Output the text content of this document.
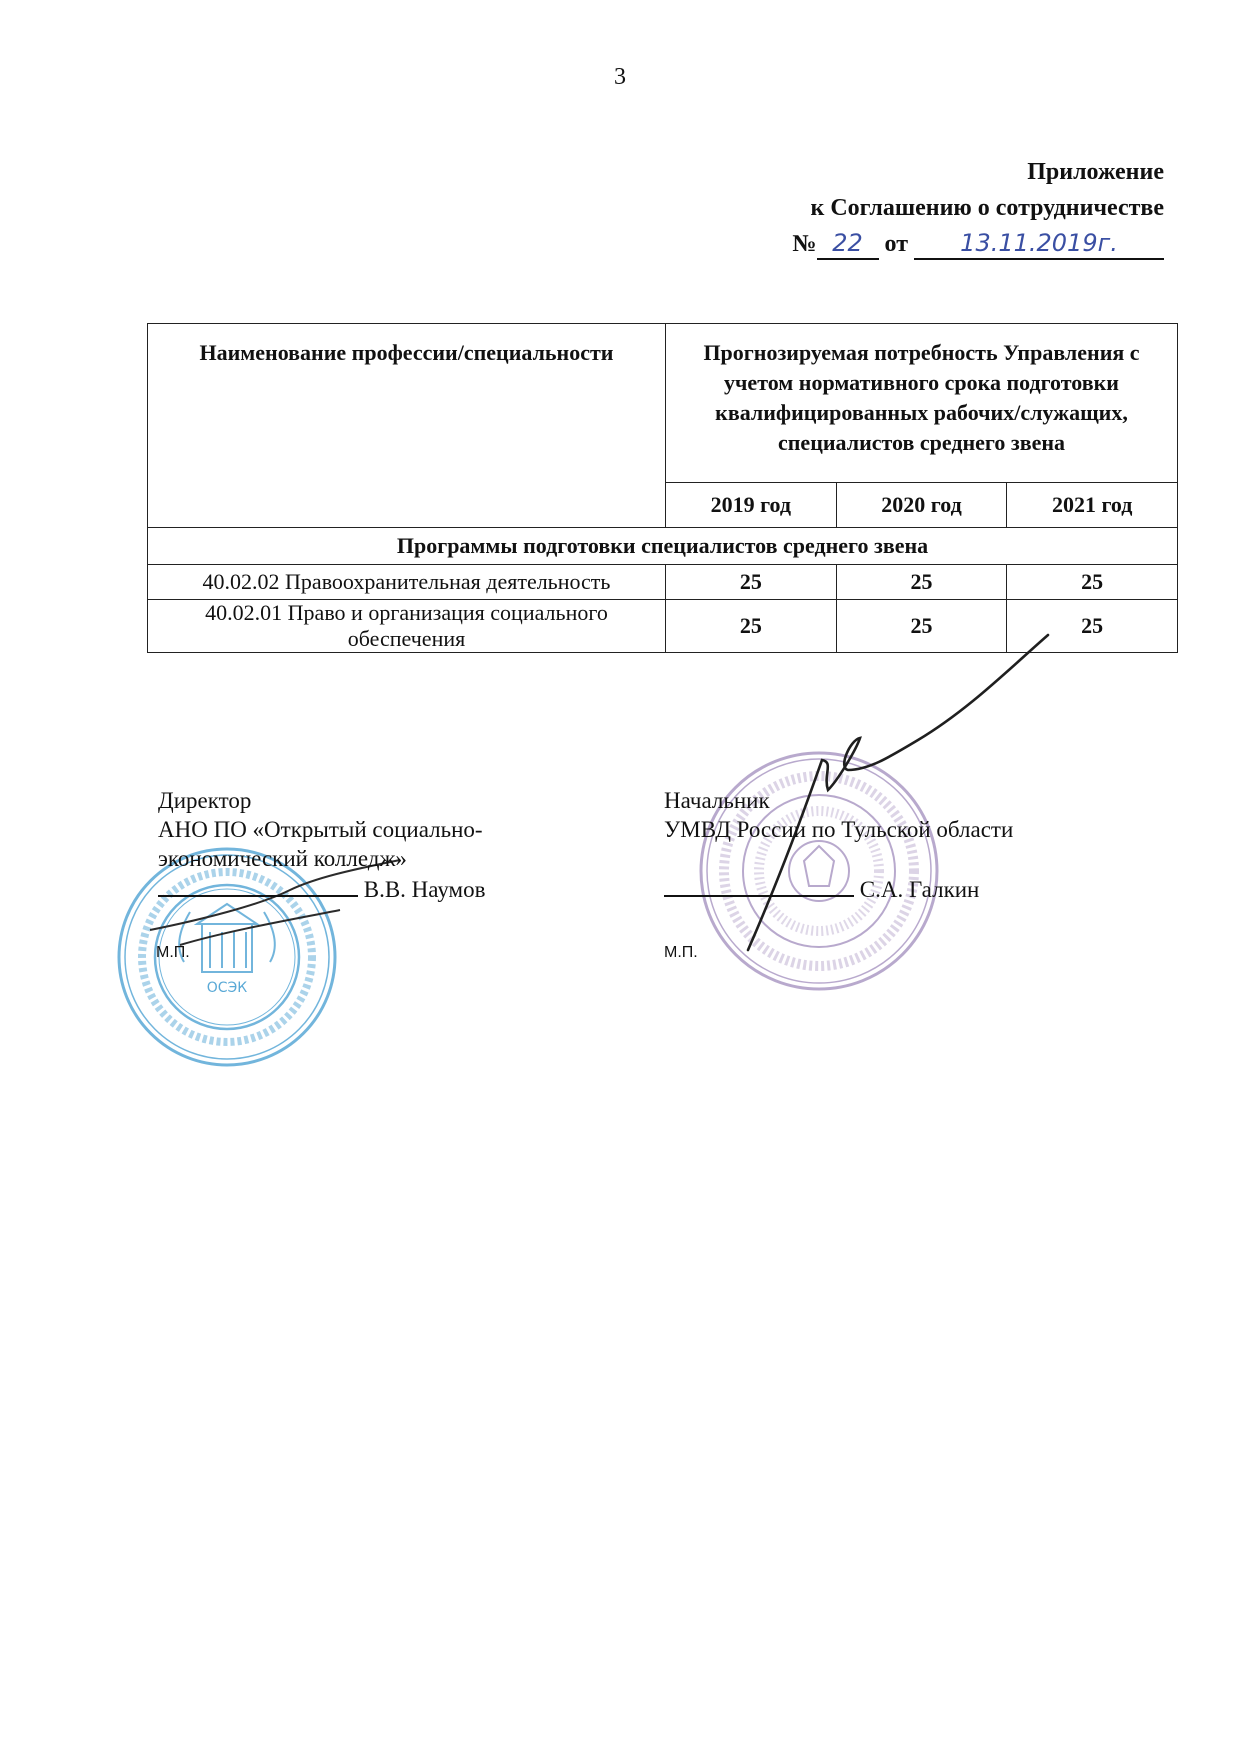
3
Приложение
к Соглашению о сотрудничестве
№ 22 от 13.11.2019г.
Наименование профессии/специальности	Прогнозируемая потребность Управления с учетом нормативного срока подготовки квалифицированных рабочих/служащих, специалистов среднего звена		
	2019 год	2020 год	2021 год
Программы подготовки специалистов среднего звена			
40.02.02 Правоохранительная деятельность	25	25	25
40.02.01 Право и организация социального обеспечения	25	25	25
ОСЭК
Директор
АНО ПО «Открытый социально-
экономический колледж»
В.В. Наумов
М.П.
Начальник
УМВД России по Тульской области
С.А. Галкин
М.П.
